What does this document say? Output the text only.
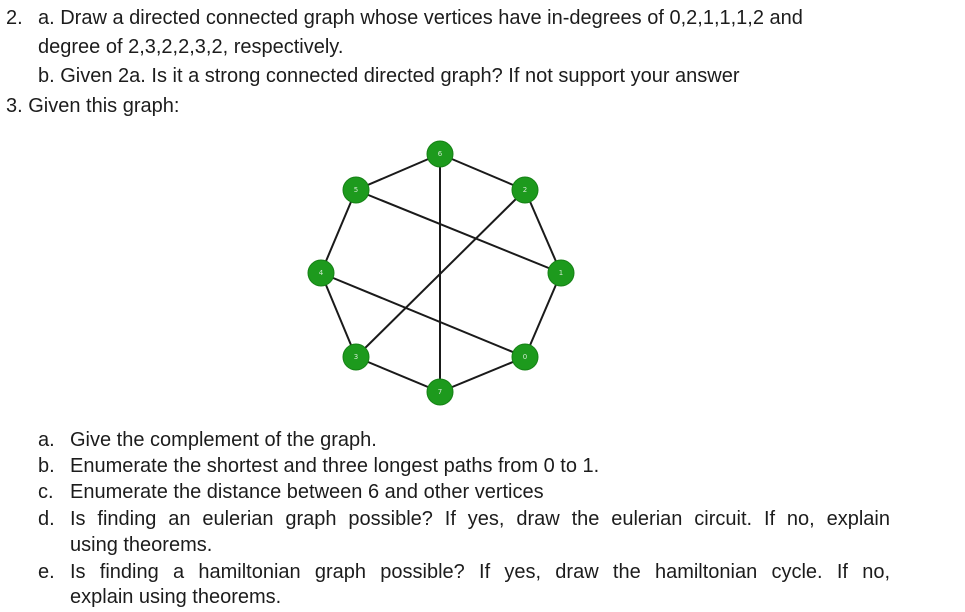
2. a. Draw a directed connected graph whose vertices have in-degrees of 0,2,1,1,1,2 and
degree of 2,3,2,2,3,2, respectively.
b. Given 2a. Is it a strong connected directed graph? If not support your answer
3. Given this graph:
6
2
1
0
7
3
4
5
a. Give the complement of the graph.
b. Enumerate the shortest and three longest paths from 0 to 1.
c. Enumerate the distance between 6 and other vertices
d. Is finding an eulerian graph possible? If yes, draw the eulerian circuit. If no, explain
using theorems.
e. Is finding a hamiltonian graph possible? If yes, draw the hamiltonian cycle. If no,
explain using theorems.
